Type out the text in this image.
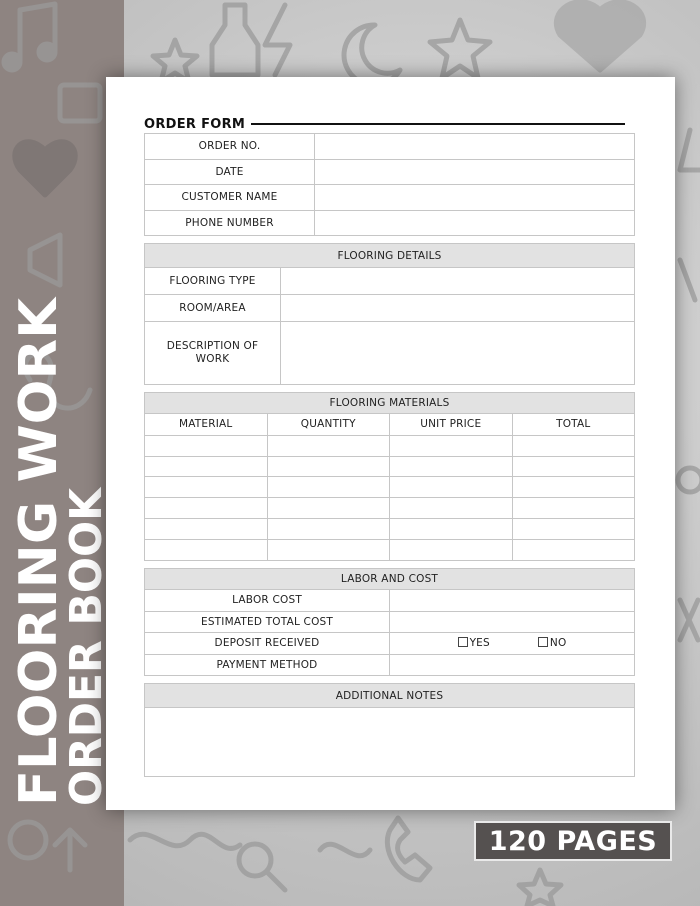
FLOORING WORK
ORDER BOOK
ORDER FORM
ORDER NO.	
DATE	
CUSTOMER NAME	
PHONE NUMBER	
FLOORING DETAILS	
FLOORING TYPE	
ROOM/AREA	
DESCRIPTION OF WORK	
FLOORING MATERIALS			
MATERIAL	QUANTITY	UNIT PRICE	TOTAL

LABOR AND COST	
LABOR COST	
ESTIMATED TOTAL COST	
DEPOSIT RECEIVED	YES NO

PAYMENT METHOD	
ADDITIONAL NOTES

120 PAGES
